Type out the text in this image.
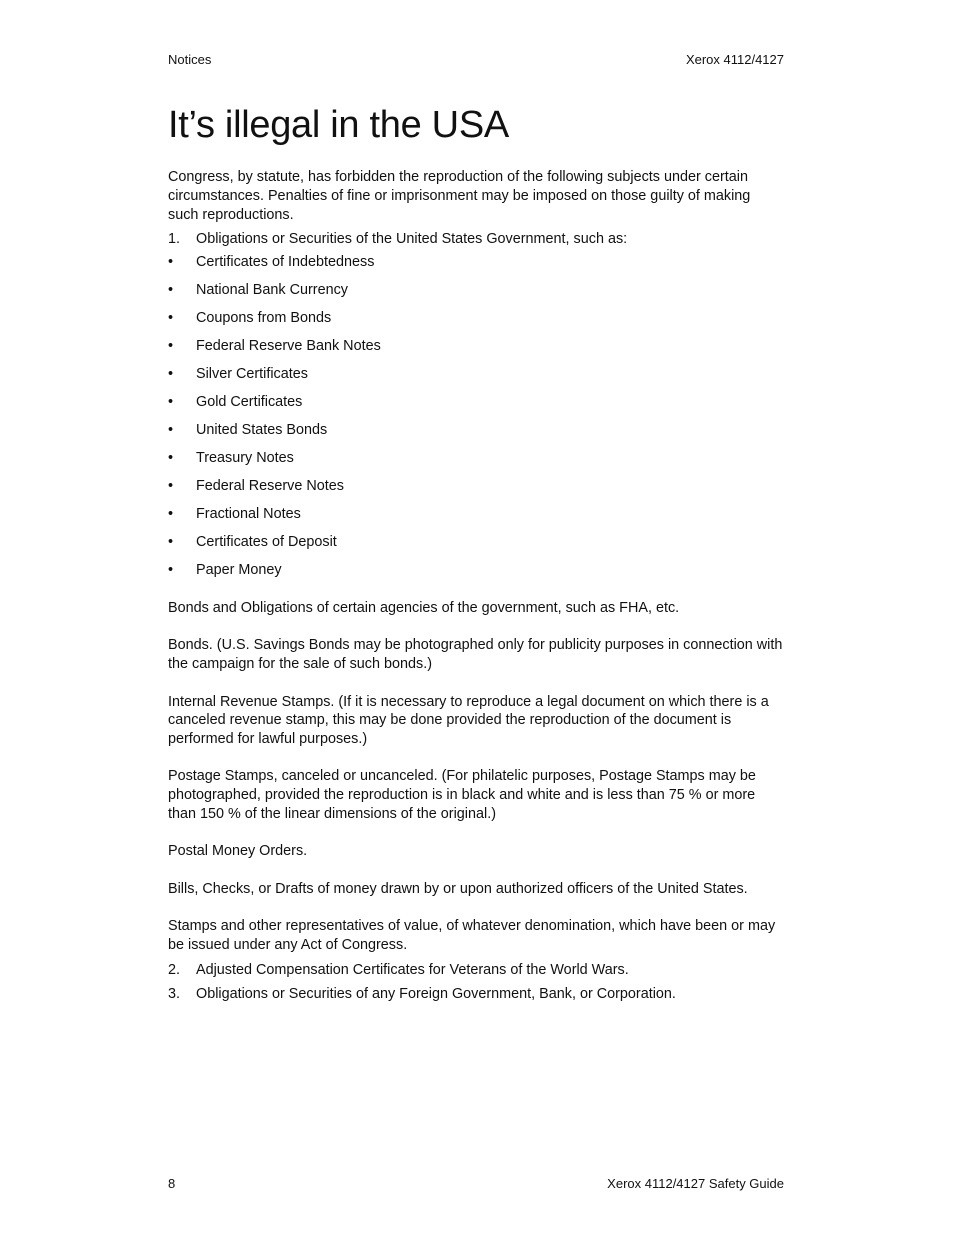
Notices	Xerox 4112/4127
It’s illegal in the USA

Congress, by statute, has forbidden the reproduction of the following subjects under certain circumstances. Penalties of fine or imprisonment may be imposed on those guilty of making such reproductions.

1.	Obligations or Securities of the United States Government, such as:
•	Certificates of Indebtedness
•	National Bank Currency
•	Coupons from Bonds
•	Federal Reserve Bank Notes
•	Silver Certificates
•	Gold Certificates
•	United States Bonds
•	Treasury Notes
•	Federal Reserve Notes
•	Fractional Notes
•	Certificates of Deposit
•	Paper Money

Bonds and Obligations of certain agencies of the government, such as FHA, etc.

Bonds. (U.S. Savings Bonds may be photographed only for publicity purposes in connection with the campaign for the sale of such bonds.)

Internal Revenue Stamps. (If it is necessary to reproduce a legal document on which there is a canceled revenue stamp, this may be done provided the reproduction of the document is performed for lawful purposes.)

Postage Stamps, canceled or uncanceled. (For philatelic purposes, Postage Stamps may be photographed, provided the reproduction is in black and white and is less than 75 % or more than 150 % of the linear dimensions of the original.)

Postal Money Orders.

Bills, Checks, or Drafts of money drawn by or upon authorized officers of the United States.

Stamps and other representatives of value, of whatever denomination, which have been or may be issued under any Act of Congress.

2.	Adjusted Compensation Certificates for Veterans of the World Wars.
3.	Obligations or Securities of any Foreign Government, Bank, or Corporation.
8	Xerox 4112/4127 Safety Guide
